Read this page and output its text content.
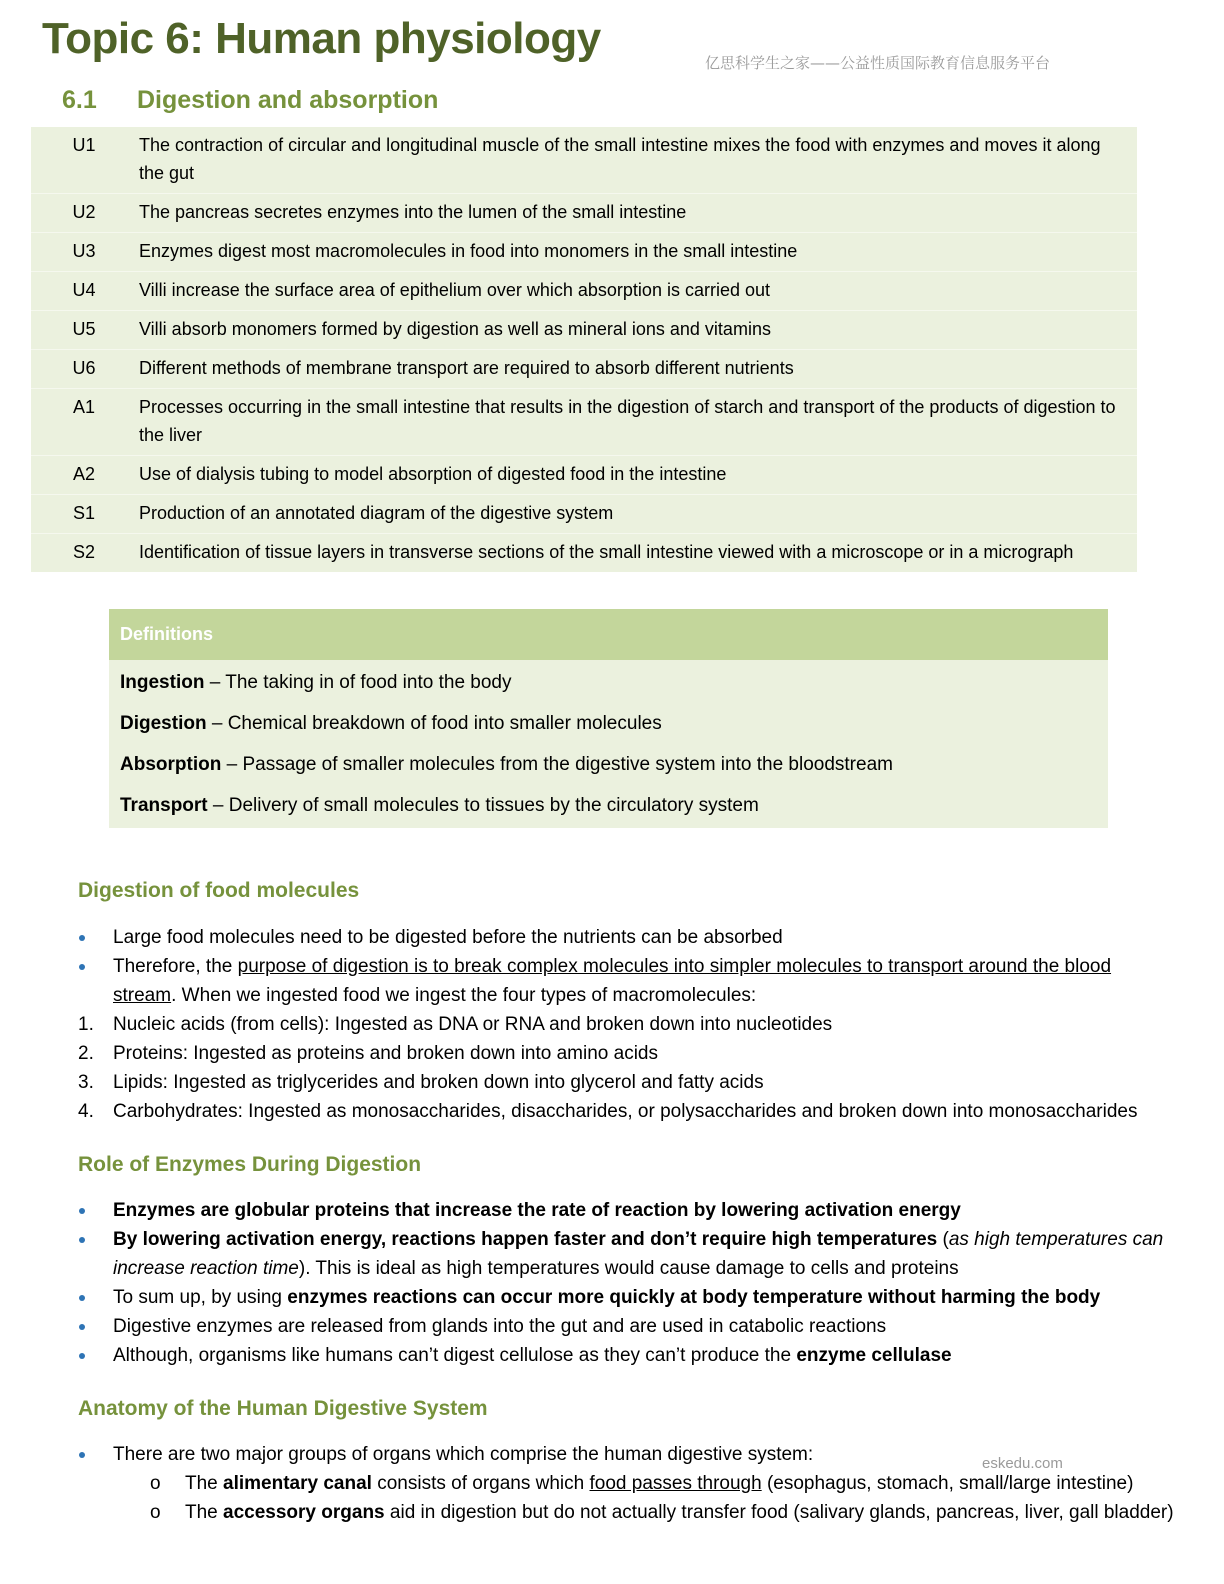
Topic 6: Human physiology	亿思科学生之家——公益性质国际教育信息服务平台
6.1 Digestion and absorption
U1	The contraction of circular and longitudinal muscle of the small intestine mixes the food with enzymes and moves it along the gut
U2	The pancreas secretes enzymes into the lumen of the small intestine
U3	Enzymes digest most macromolecules in food into monomers in the small intestine
U4	Villi increase the surface area of epithelium over which absorption is carried out
U5	Villi absorb monomers formed by digestion as well as mineral ions and vitamins
U6	Different methods of membrane transport are required to absorb different nutrients
A1	Processes occurring in the small intestine that results in the digestion of starch and transport of the products of digestion to the liver
A2	Use of dialysis tubing to model absorption of digested food in the intestine
S1	Production of an annotated diagram of the digestive system
S2	Identification of tissue layers in transverse sections of the small intestine viewed with a microscope or in a micrograph
Definitions
Ingestion – The taking in of food into the body
Digestion – Chemical breakdown of food into smaller molecules
Absorption – Passage of smaller molecules from the digestive system into the bloodstream
Transport – Delivery of small molecules to tissues by the circulatory system
Digestion of food molecules
Large food molecules need to be digested before the nutrients can be absorbed
Therefore, the purpose of digestion is to break complex molecules into simpler molecules to transport around the blood stream. When we ingested food we ingest the four types of macromolecules:
1.	Nucleic acids (from cells): Ingested as DNA or RNA and broken down into nucleotides
2.	Proteins: Ingested as proteins and broken down into amino acids
3.	Lipids: Ingested as triglycerides and broken down into glycerol and fatty acids
4.	Carbohydrates: Ingested as monosaccharides, disaccharides, or polysaccharides and broken down into monosaccharides
Role of Enzymes During Digestion
Enzymes are globular proteins that increase the rate of reaction by lowering activation energy
By lowering activation energy, reactions happen faster and don’t require high temperatures (as high temperatures can increase reaction time). This is ideal as high temperatures would cause damage to cells and proteins
To sum up, by using enzymes reactions can occur more quickly at body temperature without harming the body
Digestive enzymes are released from glands into the gut and are used in catabolic reactions
Although, organisms like humans can’t digest cellulose as they can’t produce the enzyme cellulase
Anatomy of the Human Digestive System
There are two major groups of organs which comprise the human digestive system:
o	The alimentary canal consists of organs which food passes through (esophagus, stomach, small/large intestine)
o	The accessory organs aid in digestion but do not actually transfer food (salivary glands, pancreas, liver, gall bladder)
eskedu.com
